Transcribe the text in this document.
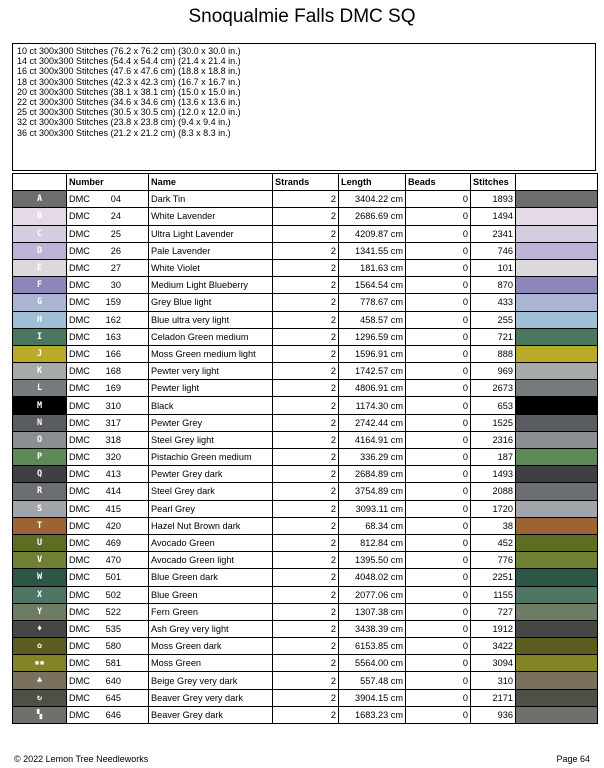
Snoqualmie Falls DMC SQ
10 ct 300x300 Stitches (76.2 x 76.2 cm) (30.0 x 30.0 in.)
14 ct 300x300 Stitches (54.4 x 54.4 cm) (21.4 x 21.4 in.)
16 ct 300x300 Stitches (47.6 x 47.6 cm) (18.8 x 18.8 in.)
18 ct 300x300 Stitches (42.3 x 42.3 cm) (16.7 x 16.7 in.)
20 ct 300x300 Stitches (38.1 x 38.1 cm) (15.0 x 15.0 in.)
22 ct 300x300 Stitches (34.6 x 34.6 cm) (13.6 x 13.6 in.)
25 ct 300x300 Stitches (30.5 x 30.5 cm) (12.0 x 12.0 in.)
32 ct 300x300 Stitches (23.8 x 23.8 cm) (9.4 x 9.4 in.)
36 ct 300x300 Stitches (21.2 x 21.2 cm) (8.3 x 8.3 in.)
	Number	Name	Strands	Length	Beads	Stitches	
A	DMC 04	Dark Tin	2	3404.22 cm	0	1893	
B	DMC 24	White Lavender	2	2686.69 cm	0	1494	
C	DMC 25	Ultra Light Lavender	2	4209.87 cm	0	2341	
D	DMC 26	Pale Lavender	2	1341.55 cm	0	746	
E	DMC 27	White Violet	2	181.63 cm	0	101	
F	DMC 30	Medium Light Blueberry	2	1564.54 cm	0	870	
G	DMC 159	Grey Blue light	2	778.67 cm	0	433	
H	DMC 162	Blue ultra very light	2	458.57 cm	0	255	
I	DMC 163	Celadon Green medium	2	1296.59 cm	0	721	
J	DMC 166	Moss Green medium light	2	1596.91 cm	0	888	
K	DMC 168	Pewter very light	2	1742.57 cm	0	969	
L	DMC 169	Pewter light	2	4806.91 cm	0	2673	
M	DMC 310	Black	2	1174.30 cm	0	653	
N	DMC 317	Pewter Grey	2	2742.44 cm	0	1525	
O	DMC 318	Steel Grey light	2	4164.91 cm	0	2316	
P	DMC 320	Pistachio Green medium	2	336.29 cm	0	187	
Q	DMC 413	Pewter Grey dark	2	2684.89 cm	0	1493	
R	DMC 414	Steel Grey dark	2	3754.89 cm	0	2088	
S	DMC 415	Pearl Grey	2	3093.11 cm	0	1720	
T	DMC 420	Hazel Nut Brown dark	2	68.34 cm	0	38	
U	DMC 469	Avocado Green	2	812.84 cm	0	452	
V	DMC 470	Avocado Green light	2	1395.50 cm	0	776	
W	DMC 501	Blue Green dark	2	4048.02 cm	0	2251	
X	DMC 502	Blue Green	2	2077.06 cm	0	1155	
Y	DMC 522	Fern Green	2	1307.38 cm	0	727	
♦	DMC 535	Ash Grey very light	2	3438.39 cm	0	1912	
✿	DMC 580	Moss Green dark	2	6153.85 cm	0	3422	
▪▪	DMC 581	Moss Green	2	5564.00 cm	0	3094	
♣	DMC 640	Beige Grey very dark	2	557.48 cm	0	310	
↻	DMC 645	Beaver Grey very dark	2	3904.15 cm	0	2171	
▚	DMC 646	Beaver Grey dark	2	1683.23 cm	0	936	
© 2022 Lemon Tree Needleworks	Page 64
